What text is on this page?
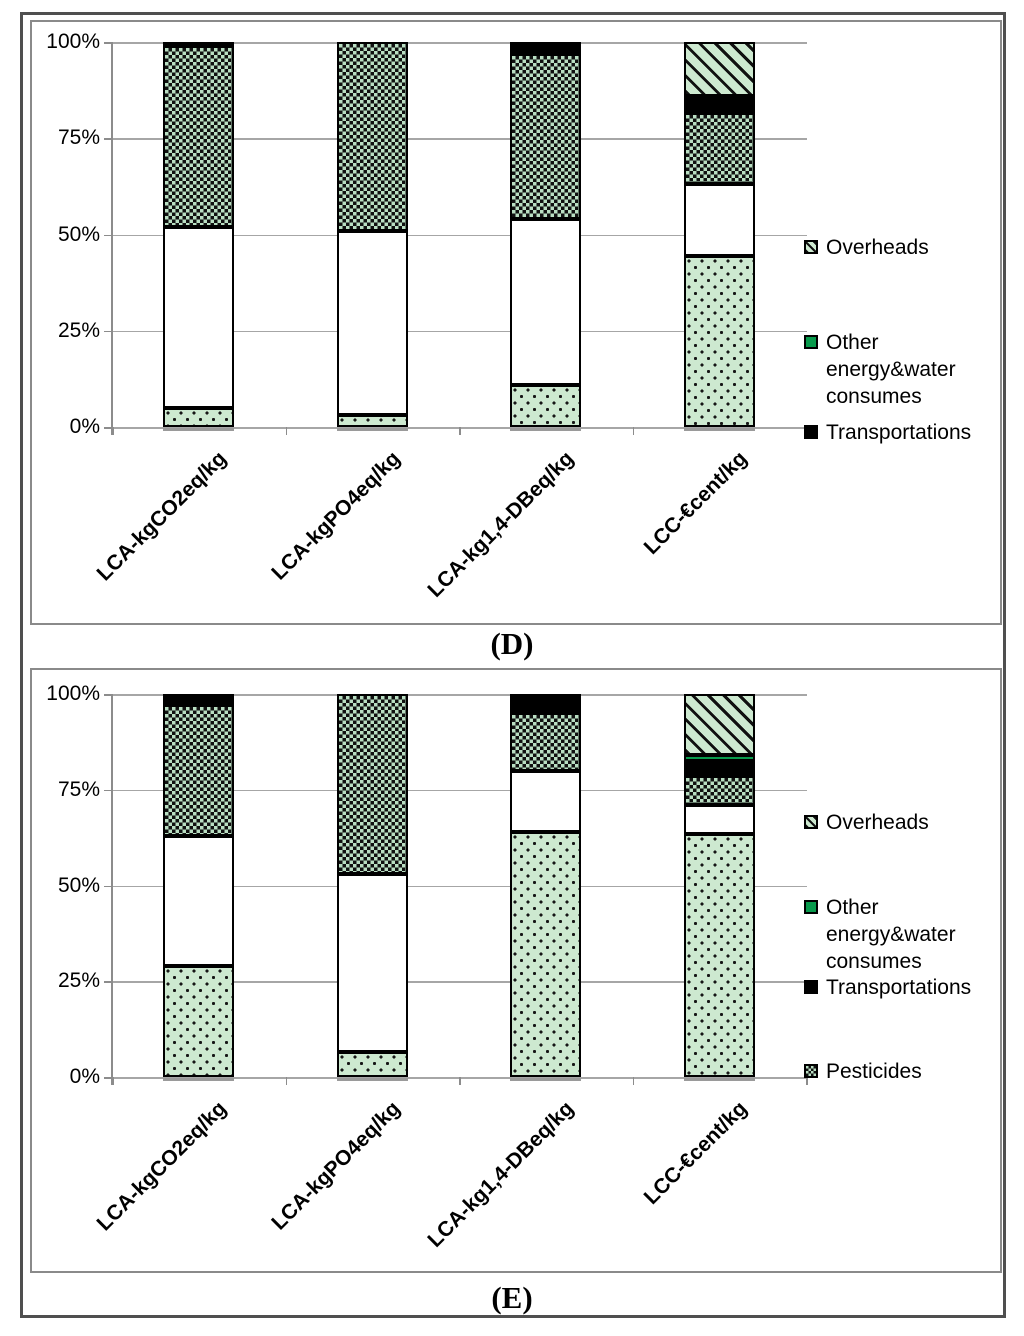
100%
75%
50%
25%
0%
LCA-kgCO2eq/kg LCA-kgPO4eq/kg LCA-kg1,4-DBeq/kg	LCC-€cent/kg
Overheads
Other energy&water consumes
Transportations
(D)
100%
75%
50%
25%
0%
LCA-kgCO2eq/kg LCA-kgPO4eq/kg LCA-kg1,4-DBeq/kg	LCC-€cent/kg
Overheads
Other energy&water consumes
Transportations
Pesticides
(E)
